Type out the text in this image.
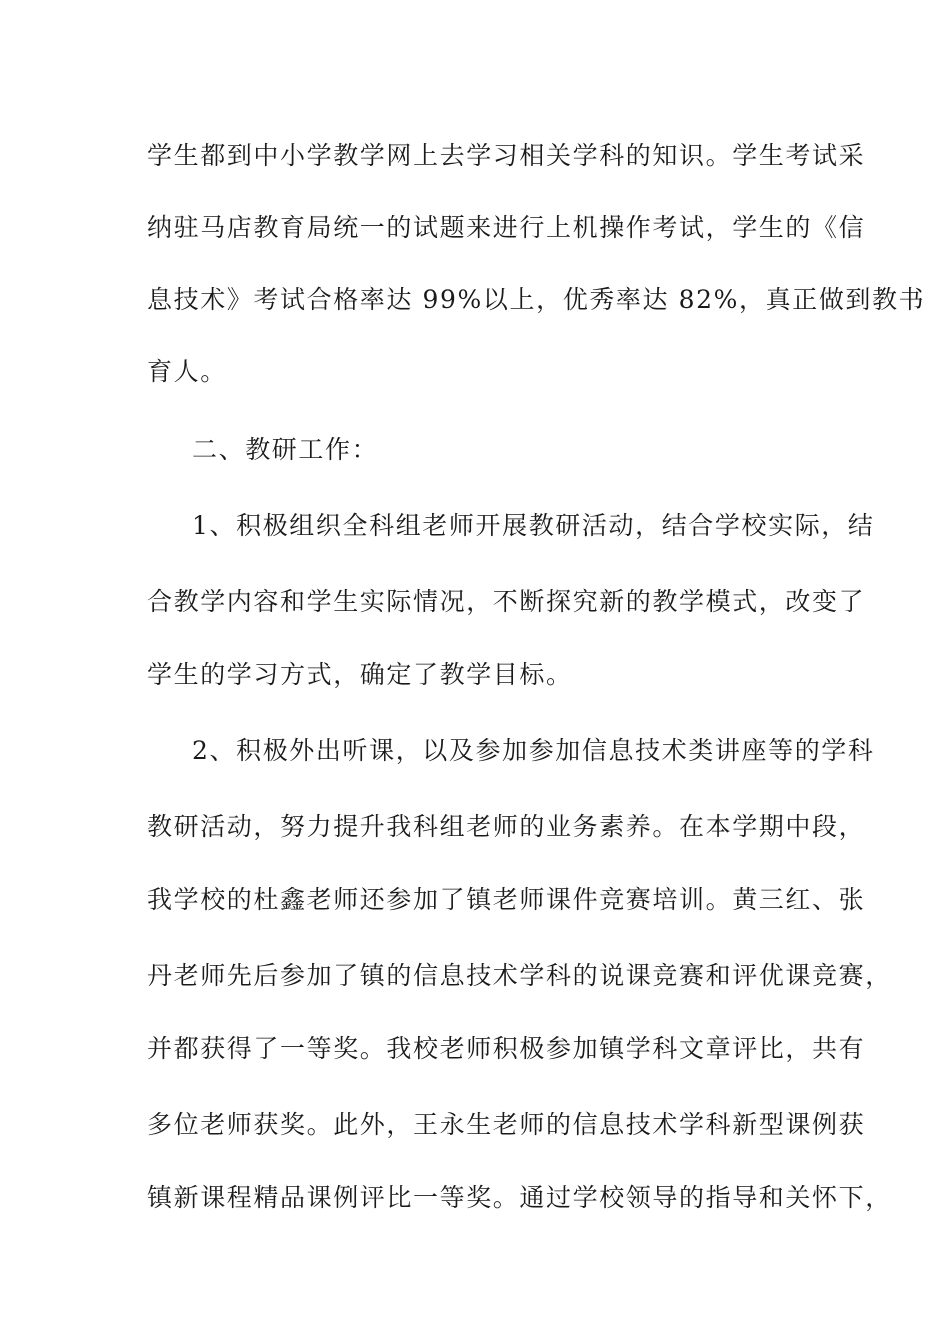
学生都到中小学教学网上去学习相关学科的知识。学生考试采
纳驻马店教育局统一的试题来进行上机操作考试，学生的《信
息技术》考试合格率达 99%以上，优秀率达 82%，真正做到教书
育人。
二、教研工作：
1、积极组织全科组老师开展教研活动，结合学校实际，结
合教学内容和学生实际情况，不断探究新的教学模式，改变了
学生的学习方式，确定了教学目标。
2、积极外出听课，以及参加参加信息技术类讲座等的学科
教研活动，努力提升我科组老师的业务素养。在本学期中段，
我学校的杜鑫老师还参加了镇老师课件竞赛培训。黄三红、张
丹老师先后参加了镇的信息技术学科的说课竞赛和评优课竞赛，
并都获得了一等奖。我校老师积极参加镇学科文章评比，共有
多位老师获奖。此外，王永生老师的信息技术学科新型课例获
镇新课程精品课例评比一等奖。通过学校领导的指导和关怀下，
